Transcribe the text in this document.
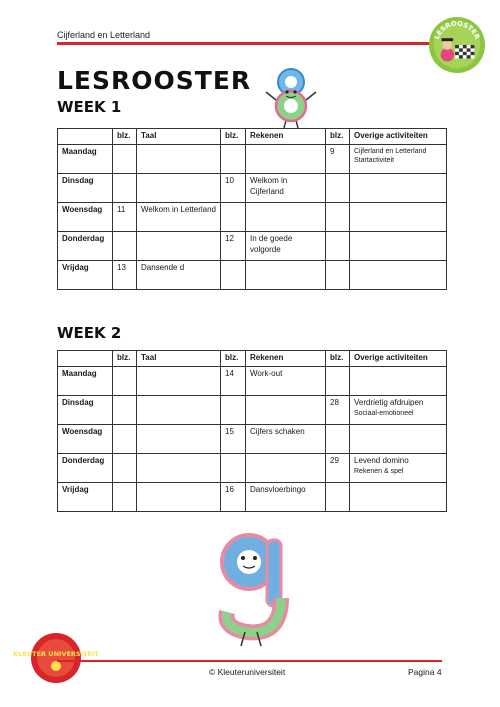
Cijferland en Letterland	LESROOSTER
LESROOSTER
WEEK 1
	blz.	Taal	blz.	Rekenen	blz.	Overige activiteiten
Maandag					9	Cijferland en Letterland
Startactiviteit

Dinsdag			10	Welkom in Cijferland		
Woensdag	11	Welkom in Letterland				
Donderdag			12	In de goede volgorde		
Vrijdag	13	Dansende d				
WEEK 2
	blz.	Taal	blz.	Rekenen	blz.	Overige activiteiten
Maandag			14	Work-out		
Dinsdag					28	Verdrietig afdruipen
Sociaal-emotioneel

Woensdag			15	Cijfers schaken		
Donderdag					29	Levend domino
Rekenen & spel

Vrijdag			16	Dansvloerbingo		
KLEUTER UNIVERSITEIT
© Kleuteruniversiteit	Pagina 4
